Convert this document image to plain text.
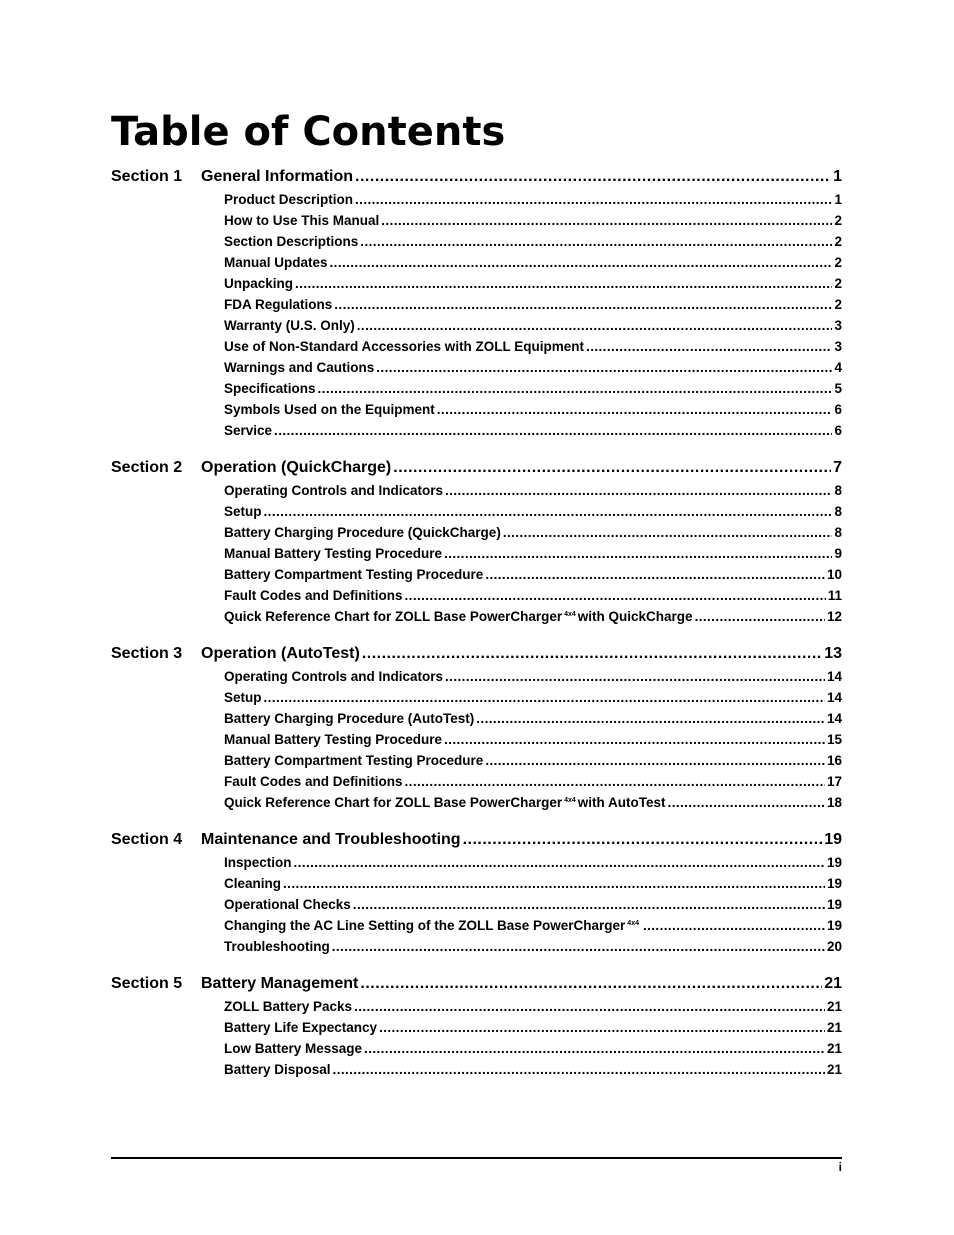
Table of Contents
Section 1	General Information .....	1
Product Description .....	1
How to Use This Manual .....	2
Section Descriptions .....	2
Manual Updates .....	2
Unpacking .....	2
FDA Regulations .....	2
Warranty (U.S. Only) .....	3
Use of Non-Standard Accessories with ZOLL Equipment .....	3
Warnings and Cautions .....	4
Specifications .....	5
Symbols Used on the Equipment .....	6
Service .....	6
Section 2	Operation (QuickCharge) .....	7
Operating Controls and Indicators .....	8
Setup .....	8
Battery Charging Procedure (QuickCharge) .....	8
Manual Battery Testing Procedure .....	9
Battery Compartment Testing Procedure .....	10
Fault Codes and Definitions .....	11
Quick Reference Chart for ZOLL Base PowerCharger $^{4x4}$ with QuickCharge .....	12
Section 3	Operation (AutoTest) .....	13
Operating Controls and Indicators .....	14
Setup .....	14
Battery Charging Procedure (AutoTest) .....	14
Manual Battery Testing Procedure .....	15
Battery Compartment Testing Procedure .....	16
Fault Codes and Definitions .....	17
Quick Reference Chart for ZOLL Base PowerCharger $^{4x4}$ with AutoTest .....	18
Section 4	Maintenance and Troubleshooting .....	19
Inspection .....	19
Cleaning .....	19
Operational Checks .....	19
Changing the AC Line Setting of the ZOLL Base PowerCharger $^{4x4}$ .....	19
Troubleshooting .....	20
Section 5	Battery Management .....	21
ZOLL Battery Packs .....	21
Battery Life Expectancy .....	21
Low Battery Message .....	21
Battery Disposal .....	21
i
